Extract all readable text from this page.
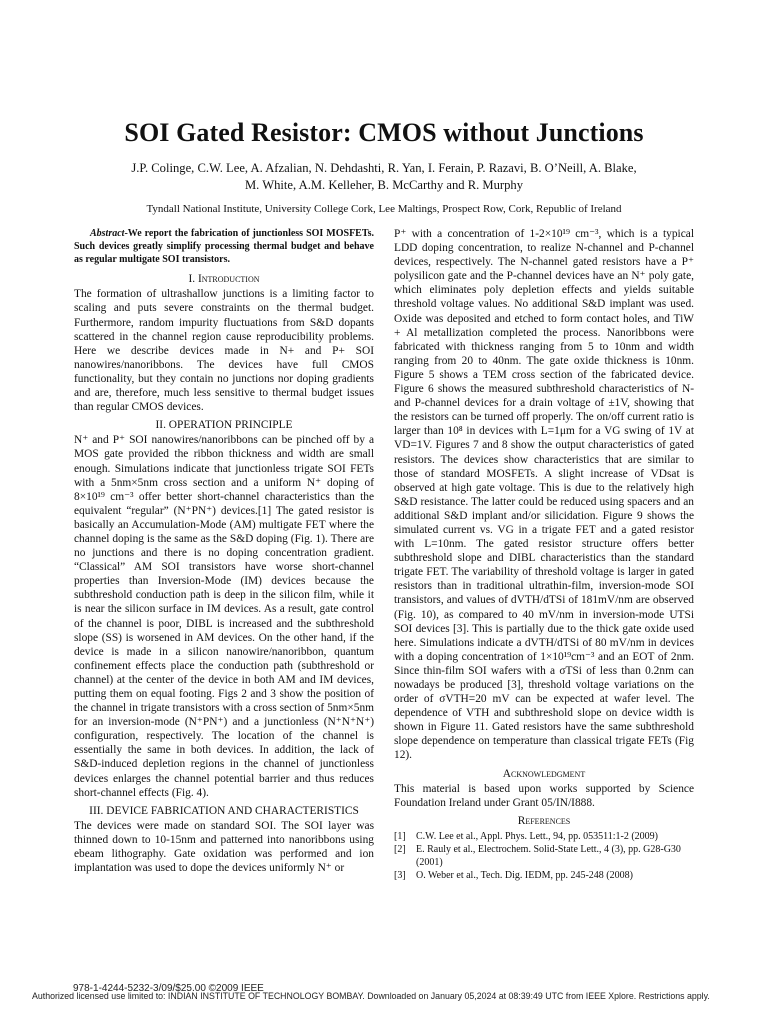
SOI Gated Resistor: CMOS without Junctions
J.P. Colinge, C.W. Lee, A. Afzalian, N. Dehdashti, R. Yan, I. Ferain, P. Razavi, B. O’Neill, A. Blake,
M. White, A.M. Kelleher, B. McCarthy and R. Murphy
Tyndall National Institute, University College Cork, Lee Maltings, Prospect Row, Cork, Republic of Ireland

Abstract-We report the fabrication of junctionless SOI MOSFETs. Such devices greatly simplify processing thermal budget and behave as regular multigate SOI transistors.

I. Introduction

The formation of ultrashallow junctions is a limiting factor to scaling and puts severe constraints on the thermal budget. Furthermore, random impurity fluctuations from S&D dopants scattered in the channel region cause reproducibility problems. Here we describe devices made in N+ and P+ SOI nanowires/nanoribbons. The devices have full CMOS functionality, but they contain no junctions nor doping gradients and are, therefore, much less sensitive to thermal budget issues than regular CMOS devices.

II. OPERATION PRINCIPLE

N⁺ and P⁺ SOI nanowires/nanoribbons can be pinched off by a MOS gate provided the ribbon thickness and width are small enough. Simulations indicate that junctionless trigate SOI FETs with a 5nm×5nm cross section and a uniform N⁺ doping of 8×10¹⁹ cm⁻³ offer better short-channel characteristics than the equivalent “regular” (N⁺PN⁺) devices.[1] The gated resistor is basically an Accumulation-Mode (AM) multigate FET where the channel doping is the same as the S&D doping (Fig. 1). There are no junctions and there is no doping concentration gradient. “Classical” AM SOI transistors have worse short-channel properties than Inversion-Mode (IM) devices because the subthreshold conduction path is deep in the silicon film, while it is near the silicon surface in IM devices. As a result, gate control of the channel is poor, DIBL is increased and the subthreshold slope (SS) is worsened in AM devices. On the other hand, if the device is made in a silicon nanowire/nanoribbon, quantum confinement effects place the conduction path (subthreshold or channel) at the center of the device in both AM and IM devices, putting them on equal footing. Figs 2 and 3 show the position of the channel in trigate transistors with a cross section of 5nm×5nm for an inversion-mode (N⁺PN⁺) and a junctionless (N⁺N⁺N⁺) configuration, respectively. The location of the channel is essentially the same in both devices. In addition, the lack of S&D-induced depletion regions in the channel of junctionless devices enlarges the channel potential barrier and thus reduces short-channel effects (Fig. 4).

III. DEVICE FABRICATION AND CHARACTERISTICS

The devices were made on standard SOI. The SOI layer was thinned down to 10-15nm and patterned into nanoribbons using ebeam lithography. Gate oxidation was performed and ion implantation was used to dope the devices uniformly N⁺ or

P⁺ with a concentration of 1-2×10¹⁹ cm⁻³, which is a typical LDD doping concentration, to realize N-channel and P-channel devices, respectively. The N-channel gated resistors have a P⁺ polysilicon gate and the P-channel devices have an N⁺ poly gate, which eliminates poly depletion effects and yields suitable threshold voltage values. No additional S&D implant was used. Oxide was deposited and etched to form contact holes, and TiW + Al metallization completed the process. Nanoribbons were fabricated with thickness ranging from 5 to 10nm and width ranging from 20 to 40nm. The gate oxide thickness is 10nm. Figure 5 shows a TEM cross section of the fabricated device. Figure 6 shows the measured subthreshold characteristics of N- and P-channel devices for a drain voltage of ±1V, showing that the resistors can be turned off properly. The on/off current ratio is larger than 10⁸ in devices with L=1μm for a VG swing of 1V at VD=1V. Figures 7 and 8 show the output characteristics of gated resistors. The devices show characteristics that are similar to those of standard MOSFETs. A slight increase of VDsat is observed at high gate voltage. This is due to the relatively high S&D resistance. The latter could be reduced using spacers and an additional S&D implant and/or silicidation. Figure 9 shows the simulated current vs. VG in a trigate FET and a gated resistor with L=10nm. The gated resistor structure offers better subthreshold slope and DIBL characteristics than the standard trigate FET. The variability of threshold voltage is larger in gated resistors than in traditional ultrathin-film, inversion-mode SOI transistors, and values of dVTH/dTSi of 181mV/nm are observed (Fig. 10), as compared to 40 mV/nm in inversion-mode UTSi SOI devices [3]. This is partially due to the thick gate oxide used here. Simulations indicate a dVTH/dTSi of 80 mV/nm in devices with a doping concentration of 1×10¹⁹cm⁻³ and an EOT of 2nm. Since thin-film SOI wafers with a σTSi of less than 0.2nm can nowadays be produced [3], threshold voltage variations on the order of σVTH=20 mV can be expected at wafer level. The dependence of VTH and subthreshold slope on device width is shown in Figure 11. Gated resistors have the same subthreshold slope dependence on temperature than classical trigate FETs (Fig 12).

Acknowledgment

This material is based upon works supported by Science Foundation Ireland under Grant 05/IN/I888.

References
[1]	C.W. Lee et al., Appl. Phys. Lett., 94, pp. 053511:1-2 (2009)
[2]	E. Rauly et al., Electrochem. Solid-State Lett., 4 (3), pp. G28-G30 (2001)
[3]	O. Weber et al., Tech. Dig. IEDM, pp. 245-248 (2008)
978-1-4244-5232-3/09/$25.00 ©2009 IEEE
Authorized licensed use limited to: INDIAN INSTITUTE OF TECHNOLOGY BOMBAY. Downloaded on January 05,2024 at 08:39:49 UTC from IEEE Xplore. Restrictions apply.
